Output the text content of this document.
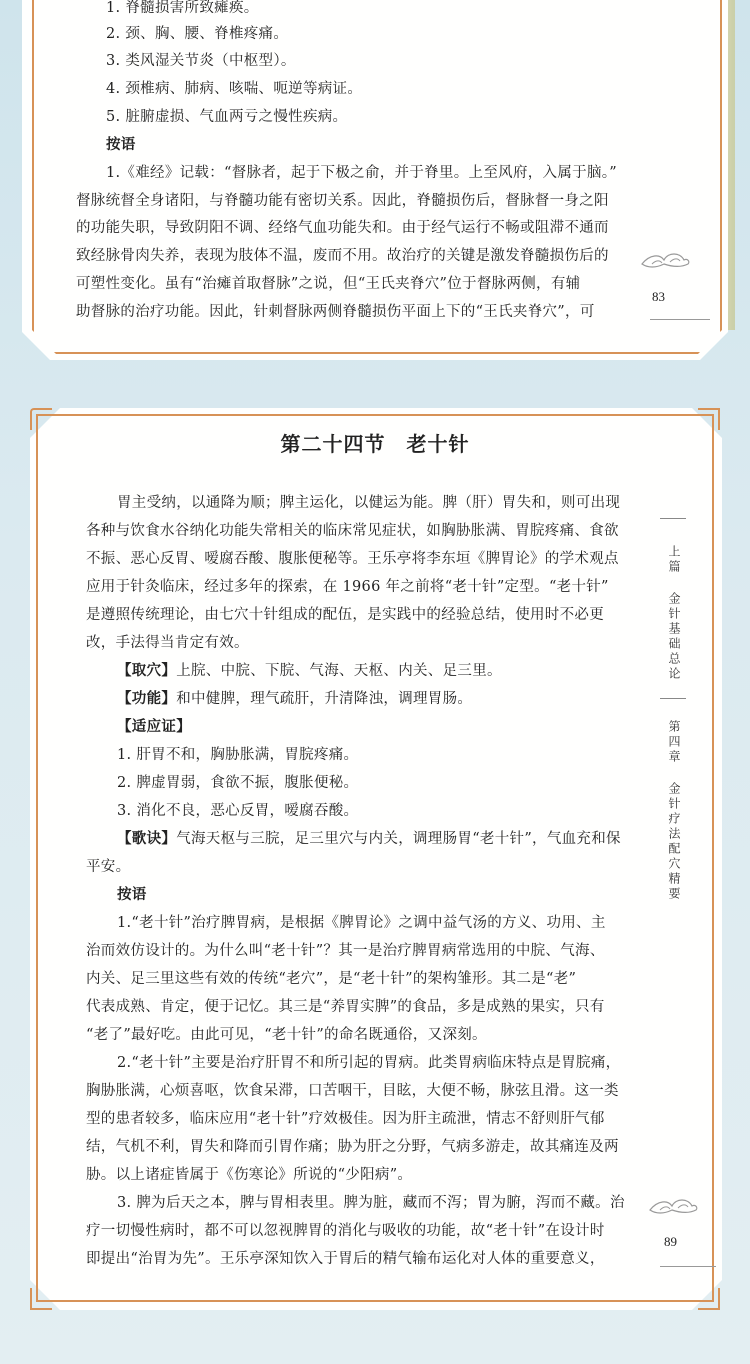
1. 脊髓损害所致瘫痪。
2. 颈、胸、腰、脊椎疼痛。
3. 类风湿关节炎（中枢型）。
4. 颈椎病、肺病、咳喘、呃逆等病证。
5. 脏腑虚损、气血两亏之慢性疾病。
按语
1.《难经》记载：“督脉者，起于下极之俞，并于脊里。上至风府，入属于脑。”
督脉统督全身诸阳，与脊髓功能有密切关系。因此，脊髓损伤后，督脉督一身之阳
的功能失职，导致阴阳不调、经络气血功能失和。由于经气运行不畅或阻滞不通而
致经脉骨肉失养，表现为肢体不温，废而不用。故治疗的关键是激发脊髓损伤后的
可塑性变化。虽有“治瘫首取督脉”之说，但“王氏夹脊穴”位于督脉两侧，有辅
助督脉的治疗功能。因此，针刺督脉两侧脊髓损伤平面上下的“王氏夹脊穴”，可
83
第二十四节　老十针
胃主受纳，以通降为顺；脾主运化，以健运为能。脾（肝）胃失和，则可出现
各种与饮食水谷纳化功能失常相关的临床常见症状，如胸胁胀满、胃脘疼痛、食欲
不振、恶心反胃、嗳腐吞酸、腹胀便秘等。王乐亭将李东垣《脾胃论》的学术观点
应用于针灸临床，经过多年的探索，在 1966 年之前将“老十针”定型。“老十针”
是遵照传统理论，由七穴十针组成的配伍，是实践中的经验总结，使用时不必更
改，手法得当肯定有效。
【取穴】上脘、中脘、下脘、气海、天枢、内关、足三里。
【功能】和中健脾，理气疏肝，升清降浊，调理胃肠。
【适应证】
1. 肝胃不和，胸胁胀满，胃脘疼痛。
2. 脾虚胃弱，食欲不振，腹胀便秘。
3. 消化不良，恶心反胃，嗳腐吞酸。
【歌诀】气海天枢与三脘，足三里穴与内关，调理肠胃“老十针”，气血充和保
平安。
按语
1.“老十针”治疗脾胃病，是根据《脾胃论》之调中益气汤的方义、功用、主
治而效仿设计的。为什么叫“老十针”？其一是治疗脾胃病常选用的中脘、气海、
内关、足三里这些有效的传统“老穴”，是“老十针”的架构雏形。其二是“老”
代表成熟、肯定，便于记忆。其三是“养胃实脾”的食品，多是成熟的果实，只有
“老了”最好吃。由此可见，“老十针”的命名既通俗，又深刻。
2.“老十针”主要是治疗肝胃不和所引起的胃病。此类胃病临床特点是胃脘痛，
胸胁胀满，心烦喜呕，饮食呆滞，口苦咽干，目眩，大便不畅，脉弦且滑。这一类
型的患者较多，临床应用“老十针”疗效极佳。因为肝主疏泄，情志不舒则肝气郁
结，气机不利，胃失和降而引胃作痛；胁为肝之分野，气病多游走，故其痛连及两
胁。以上诸症皆属于《伤寒论》所说的“少阳病”。
3. 脾为后天之本，脾与胃相表里。脾为脏，藏而不泻；胃为腑，泻而不藏。治
疗一切慢性病时，都不可以忽视脾胃的消化与吸收的功能，故“老十针”在设计时
即提出“治胃为先”。王乐亭深知饮入于胃后的精气输布运化对人体的重要意义，
上篇
金针基础总论
第四章
金针疗法配穴精要
89
